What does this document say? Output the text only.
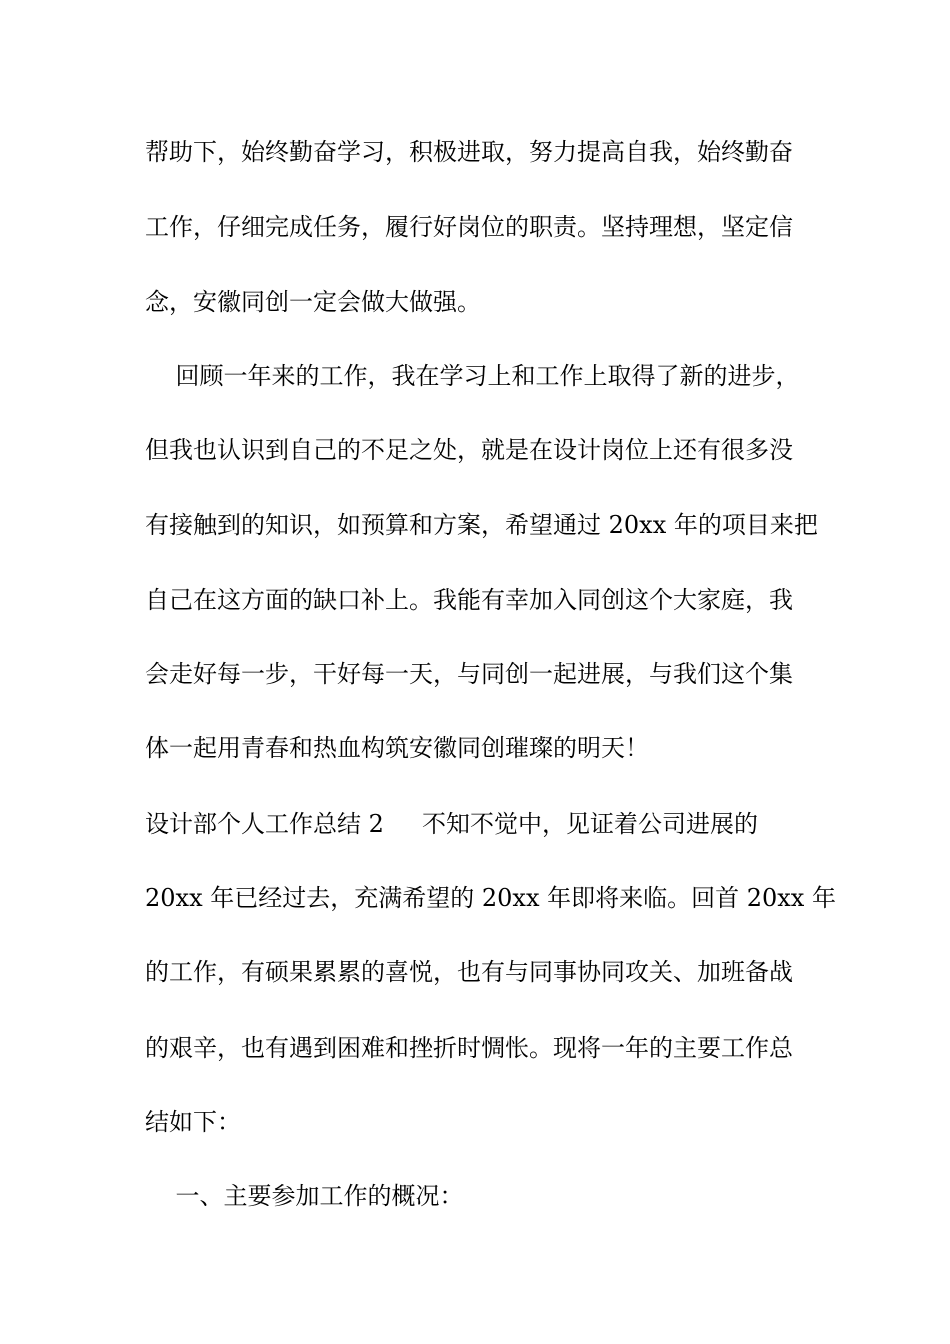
帮助下，始终勤奋学习，积极进取，努力提高自我，始终勤奋
工作，仔细完成任务，履行好岗位的职责。坚持理想，坚定信
念，安徽同创一定会做大做强。
回顾一年来的工作，我在学习上和工作上取得了新的进步，
但我也认识到自己的不足之处，就是在设计岗位上还有很多没
有接触到的知识，如预算和方案，希望通过 20xx 年的项目来把
自己在这方面的缺口补上。我能有幸加入同创这个大家庭，我
会走好每一步，干好每一天，与同创一起进展，与我们这个集
体一起用青春和热血构筑安徽同创璀璨的明天！
设计部个人工作总结 2     不知不觉中，见证着公司进展的
20xx 年已经过去，充满希望的 20xx 年即将来临。回首 20xx 年
的工作，有硕果累累的喜悦，也有与同事协同攻关、加班备战
的艰辛，也有遇到困难和挫折时惆怅。现将一年的主要工作总
结如下：
一、主要参加工作的概况：
